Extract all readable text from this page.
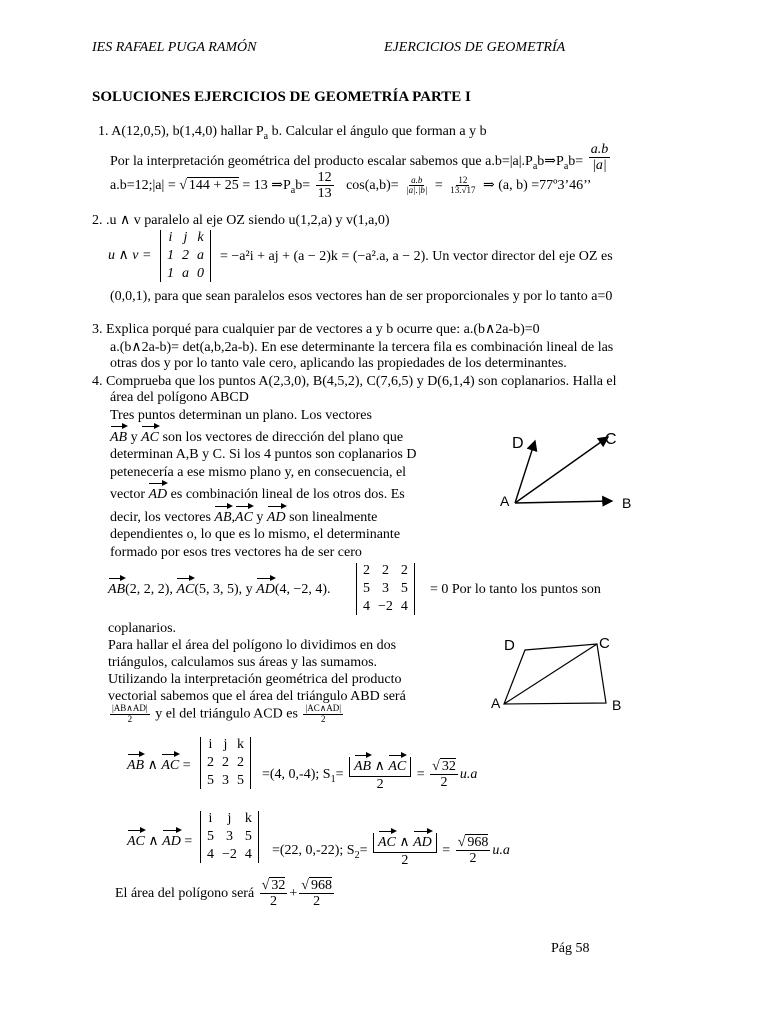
IES RAFAEL PUGA RAMÓN	EJERCICIOS DE GEOMETRÍA
SOLUCIONES EJERCICIOS DE GEOMETRÍA PARTE I
1. A(12,0,5), b(1,4,0) hallar $P_a$ b. Calcular el ángulo que forman a y b
Por la interpretación geométrica del producto escalar sabemos que $a.b=|a|.P_ab\Rightarrow P_ab= \frac{a.b}{|a|}$
a.b=12;|a| = √ 144 + 25 = 13 $\Rightarrow P_ab= \frac{12}{13} \cos(a,b)= \frac{a.b}{|a|.|b|} = \frac{12}{13.√17}$ ⇒ (a, b) =77º3’46’’
2. .u ∧ v paralelo al eje OZ siendo u(1,2,a) y v(1,a,0)
u ∧ v =
i j k
1 2 a
1 a 0
= −a²i + aj + (a − 2)k = (−a².a, a − 2). Un vector director del eje OZ es
(0,0,1), para que sean paralelos esos vectores han de ser proporcionales y por lo tanto a=0
3. Explica porqué para cualquier par de vectores a y b ocurre que: a.(b∧2a-b)=0
a.(b∧2a-b)= det(a,b,2a-b). En ese determinante la tercera fila es combinación lineal de las
otras dos y por lo tanto vale cero, aplicando las propiedades de los determinantes.
4. Comprueba que los puntos A(2,3,0), B(4,5,2), C(7,6,5) y D(6,1,4) son coplanarios. Halla el
área del polígono ABCD
Tres puntos determinan un plano. Los vectores
AB y AC son los vectores de dirección del plano que
determinan A,B y C. Si los 4 puntos son coplanarios D
petenecería a ese mismo plano y, en consecuencia, el
vector AD es combinación lineal de los otros dos. Es
decir, los vectores AB,AC y AD son linealmente
dependientes o, lo que es lo mismo, el determinante
formado por esos tres vectores ha de ser cero
AB(2, 2, 2), AC(5, 3, 5), y AD(4, −2, 4).
2 2 2
5 3 5
4 −2 4
= 0 Por lo tanto los puntos son
coplanarios.
Para hallar el área del polígono lo dividimos en dos
triángulos, calculamos sus áreas y las sumamos.
Utilizando la interpretación geométrica del producto
vectorial sabemos que el área del triángulo ABD será
$\frac{|AB\wedge AD|}{2}$ y el del triángulo ACD es $\frac{|AC\wedge AD|}{2}$
AB ∧ AC =
i j k
2 2 2
5 3 5 =(4, 0,-4); $S_1= \frac{AB \wedge AC}{2} = \frac{√ 32}{2} u.a$
AC ∧ AD =
i	j k
5 3 5
4 −2 4 =(22, 0,-22); $S_2= \frac{AC \wedge AD}{2} = \frac{√ 968}{2} u.a$
El área del polígono será $\frac{√ 32}{2} + \frac{√ 968}{2}$
D	C
A	B
D	C
A	B
Pág 58
